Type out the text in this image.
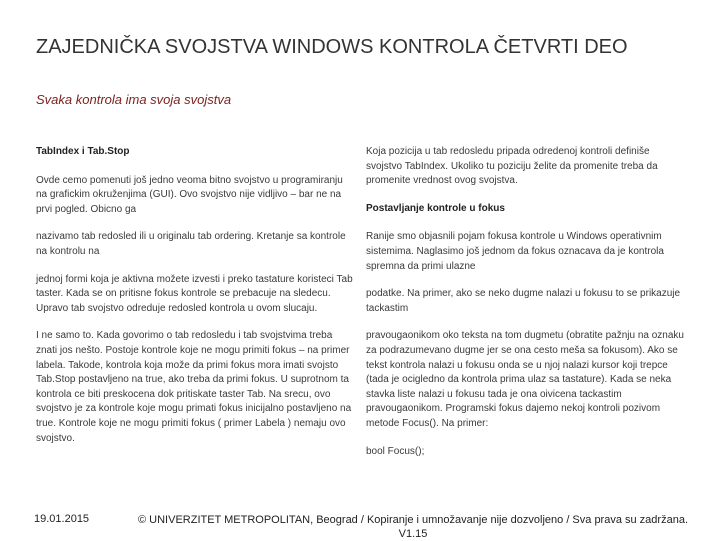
ZAJEDNIČKA SVOJSTVA WINDOWS KONTROLA ČETVRTI DEO
Svaka kontrola ima svoja svojstva

TabIndex i Tab.Stop

Ovde cemo pomenuti još jedno veoma bitno svojstvo u programiranju na grafickim okruženjima (GUI). Ovo svojstvo nije vidljivo – bar ne na prvi pogled. Obicno ga

nazivamo tab redosled ili u originalu tab ordering. Kretanje sa kontrole na kontrolu na

jednoj formi koja je aktivna možete izvesti i preko tastature koristeci Tab taster. Kada se on pritisne fokus kontrole se prebacuje na sledecu. Upravo tab svojstvo odreduje redosled kontrola u ovom slucaju.

I ne samo to. Kada govorimo o tab redosledu i tab svojstvima treba znati jos nešto. Postoje kontrole koje ne mogu primiti fokus – na primer labela. Takode, kontrola koja može da primi fokus mora imati svojsto Tab.Stop postavljeno na true, ako treba da primi fokus. U suprotnom ta kontrola ce biti preskocena dok pritiskate taster Tab. Na srecu, ovo svojstvo je za kontrole koje mogu primati fokus inicijalno postavljeno na true. Kontrole koje ne mogu primiti fokus ( primer Labela ) nemaju ovo svojstvo.

Koja pozicija u tab redosledu pripada odredenoj kontroli definiše svojstvo TabIndex. Ukoliko tu poziciju želite da promenite treba da promenite vrednost ovog svojstva.

Postavljanje kontrole u fokus

Ranije smo objasnili pojam fokusa kontrole u Windows operativnim sistemima. Naglasimo još jednom da fokus oznacava da je kontrola spremna da primi ulazne

podatke. Na primer, ako se neko dugme nalazi u fokusu to se prikazuje tackastim

pravougaonikom oko teksta na tom dugmetu (obratite pažnju na oznaku za podrazumevano dugme jer se ona cesto meša sa fokusom). Ako se tekst kontrola nalazi u fokusu onda se u njoj nalazi kursor koji trepce (tada je ocigledno da kontrola prima ulaz sa tastature). Kada se neka stavka liste nalazi u fokusu tada je ona oivicena tackastim pravougaonikom. Programski fokus dajemo nekoj kontroli pozivom metode Focus(). Na primer:

bool Focus();

19.01.2015	© UNIVERZITET METROPOLITAN, Beograd / Kopiranje i umnožavanje nije dozvoljeno / Sva prava su zadržana. V1.15
